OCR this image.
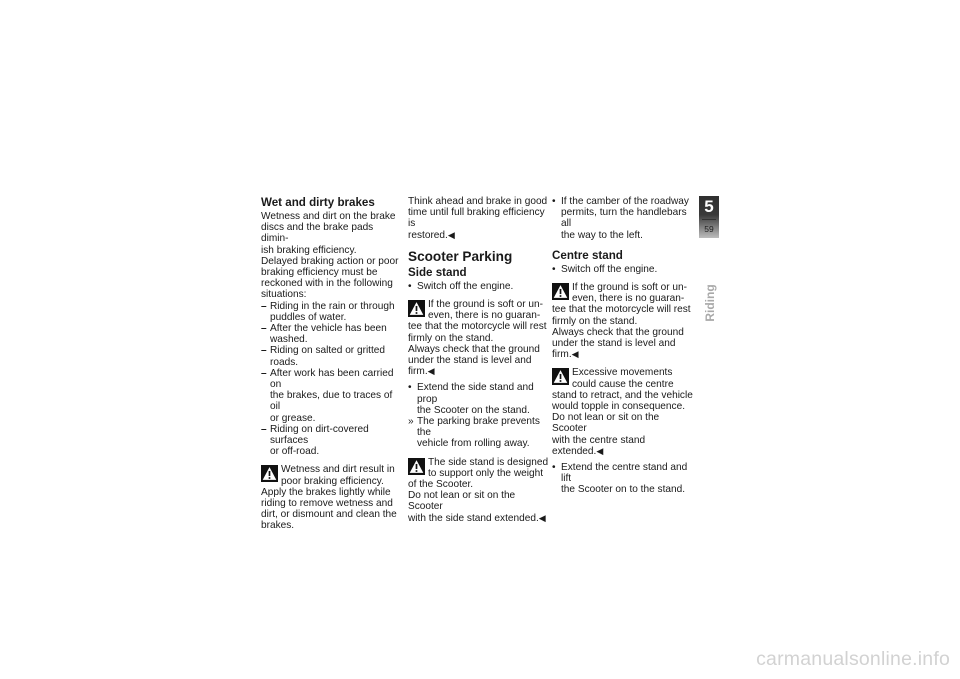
Wet and dirty brakes
Wetness and dirt on the brake
discs and the brake pads dimin-
ish braking efficiency.
Delayed braking action or poor
braking efficiency must be
reckoned with in the following
situations:
– Riding in the rain or through
puddles of water.
– After the vehicle has been
washed.
– Riding on salted or gritted
roads.
– After work has been carried on
the brakes, due to traces of oil
or grease.
– Riding on dirt-covered surfaces
or off-road.
Wetness and dirt result in
poor braking efficiency.
Apply the brakes lightly while
riding to remove wetness and
dirt, or dismount and clean the
brakes.
Think ahead and brake in good
time until full braking efficiency is
restored.◀
Scooter Parking
Side stand
• Switch off the engine.
If the ground is soft or un-
even, there is no guaran-
tee that the motorcycle will rest
firmly on the stand.
Always check that the ground
under the stand is level and
firm.◀
• Extend the side stand and prop
the Scooter on the stand.
» The parking brake prevents the
vehicle from rolling away.
The side stand is designed
to support only the weight
of the Scooter.
Do not lean or sit on the Scooter
with the side stand extended.◀
• If the camber of the roadway
permits, turn the handlebars all
the way to the left.
Centre stand
• Switch off the engine.
If the ground is soft or un-
even, there is no guaran-
tee that the motorcycle will rest
firmly on the stand.
Always check that the ground
under the stand is level and
firm.◀
Excessive movements
could cause the centre
stand to retract, and the vehicle
would topple in consequence.
Do not lean or sit on the Scooter
with the centre stand extended.◀
• Extend the centre stand and lift
the Scooter on to the stand.
5
59
Riding
carmanualsonline.info
